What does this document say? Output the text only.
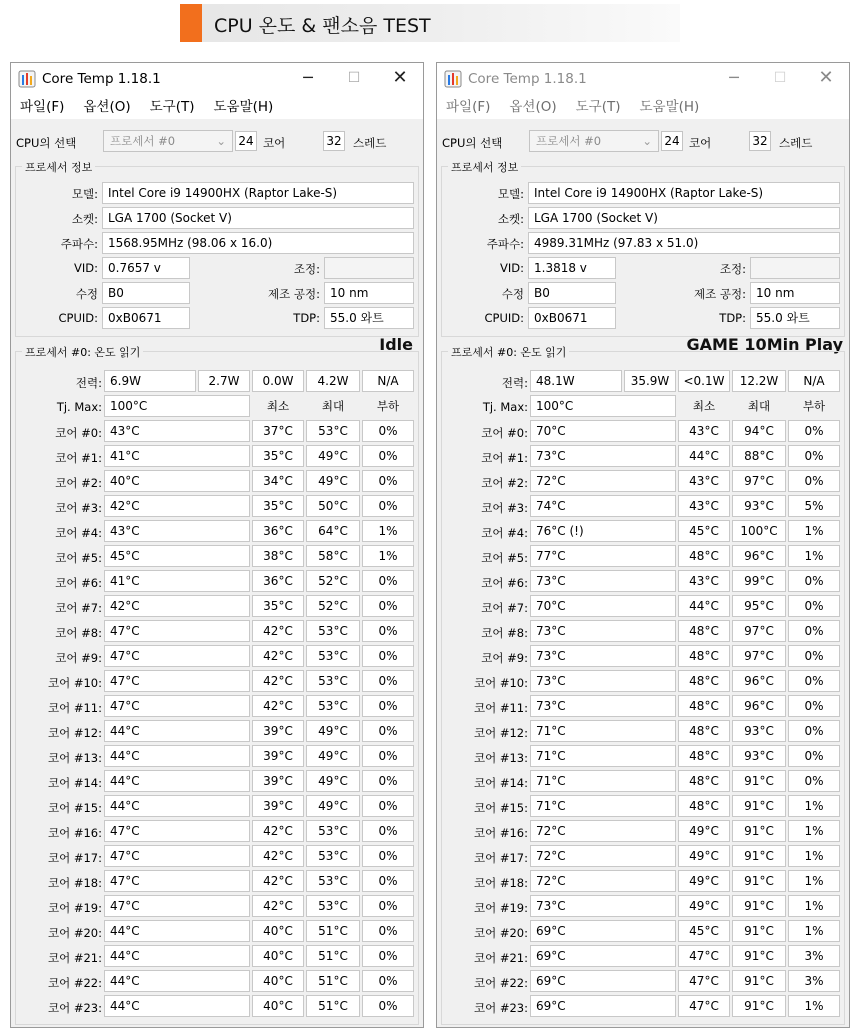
CPU 온도 & 팬소음 TEST
Core Temp 1.18.1	─	☐	✕
파일(F) 옵션(O) 도구(T) 도움말(H)
CPU의 선택	프로세서 #0	⌄ 24 코어	32 스레드
프로세서 정보
모델: Intel Core i9 14900HX (Raptor Lake-S)
소켓: LGA 1700 (Socket V)
주파수: 1568.95MHz (98.06 x 16.0)
VID: 0.7657 v	조정:
수정 B0	제조 공정: 10 nm
CPUID: 0xB0671	TDP: 55.0 와트
Idle
프로세서 #0: 온도 읽기
전력: 6.9W	2.7W	0.0W	4.2W	N/A
Tj. Max: 100°C	최소	최대	부하
코어 #0: 43°C	37°C	53°C	0%
코어 #1: 41°C	35°C	49°C	0%
코어 #2: 40°C	34°C	49°C	0%
코어 #3: 42°C	35°C	50°C	0%
코어 #4: 43°C	36°C	64°C	1%
코어 #5: 45°C	38°C	58°C	1%
코어 #6: 41°C	36°C	52°C	0%
코어 #7: 42°C	35°C	52°C	0%
코어 #8: 47°C	42°C	53°C	0%
코어 #9: 47°C	42°C	53°C	0%
코어 #10: 47°C	42°C	53°C	0%
코어 #11: 47°C	42°C	53°C	0%
코어 #12: 44°C	39°C	49°C	0%
코어 #13: 44°C	39°C	49°C	0%
코어 #14: 44°C	39°C	49°C	0%
코어 #15: 44°C	39°C	49°C	0%
코어 #16: 47°C	42°C	53°C	0%
코어 #17: 47°C	42°C	53°C	0%
코어 #18: 47°C	42°C	53°C	0%
코어 #19: 47°C	42°C	53°C	0%
코어 #20: 44°C	40°C	51°C	0%
코어 #21: 44°C	40°C	51°C	0%
코어 #22: 44°C	40°C	51°C	0%
코어 #23: 44°C	40°C	51°C	0%
Core Temp 1.18.1	─	☐	✕
파일(F) 옵션(O) 도구(T) 도움말(H)
CPU의 선택	프로세서 #0	⌄ 24 코어	32 스레드
프로세서 정보
모델: Intel Core i9 14900HX (Raptor Lake-S)
소켓: LGA 1700 (Socket V)
주파수: 4989.31MHz (97.83 x 51.0)
VID: 1.3818 v	조정:
수정 B0	제조 공정: 10 nm
CPUID: 0xB0671	TDP: 55.0 와트
GAME 10Min Play
프로세서 #0: 온도 읽기
전력: 48.1W	35.9W	<0.1W	12.2W	N/A
Tj. Max: 100°C	최소	최대	부하
코어 #0: 70°C	43°C	94°C	0%
코어 #1: 73°C	44°C	88°C	0%
코어 #2: 72°C	43°C	97°C	0%
코어 #3: 74°C	43°C	93°C	5%
코어 #4: 76°C (!)	45°C	100°C	1%
코어 #5: 77°C	48°C	96°C	1%
코어 #6: 73°C	43°C	99°C	0%
코어 #7: 70°C	44°C	95°C	0%
코어 #8: 73°C	48°C	97°C	0%
코어 #9: 73°C	48°C	97°C	0%
코어 #10: 73°C	48°C	96°C	0%
코어 #11: 73°C	48°C	96°C	0%
코어 #12: 71°C	48°C	93°C	0%
코어 #13: 71°C	48°C	93°C	0%
코어 #14: 71°C	48°C	91°C	0%
코어 #15: 71°C	48°C	91°C	1%
코어 #16: 72°C	49°C	91°C	1%
코어 #17: 72°C	49°C	91°C	1%
코어 #18: 72°C	49°C	91°C	1%
코어 #19: 73°C	49°C	91°C	1%
코어 #20: 69°C	45°C	91°C	1%
코어 #21: 69°C	47°C	91°C	3%
코어 #22: 69°C	47°C	91°C	3%
코어 #23: 69°C	47°C	91°C	1%
